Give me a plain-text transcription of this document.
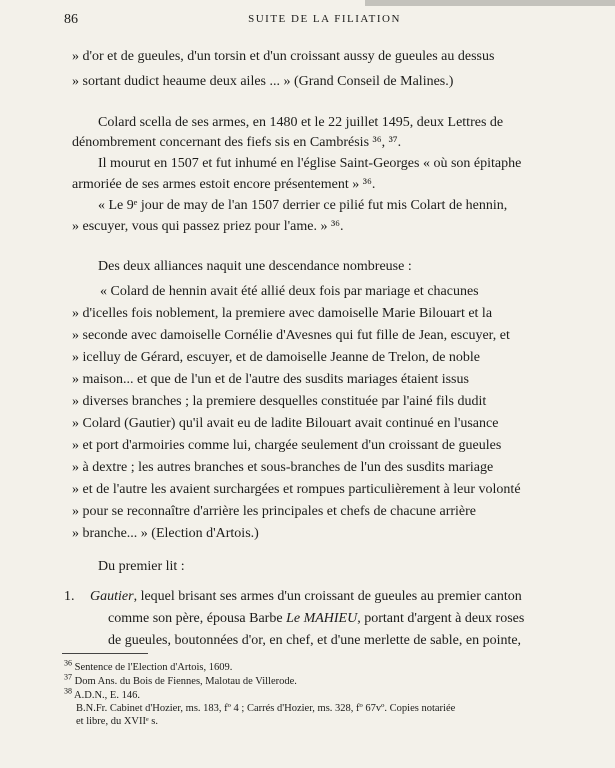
86	SUITE DE LA FILIATION
» d'or et de gueules, d'un torsin et d'un croissant aussy de gueules au dessus
» sortant dudict heaume deux ailes ... » (Grand Conseil de Malines.)
Colard scella de ses armes, en 1480 et le 22 juillet 1495, deux Lettres de
dénombrement concernant des fiefs sis en Cambrésis ³⁶, ³⁷.
Il mourut en 1507 et fut inhumé en l'église Saint-Georges « où son épitaphe
armoriée de ses armes estoit encore présentement » ³⁶.
« Le 9ᵉ jour de may de l'an 1507 derrier ce pilié fut mis Colart de hennin,
» escuyer, vous qui passez priez pour l'ame. » ³⁶.
Des deux alliances naquit une descendance nombreuse :
« Colard de hennin avait été allié deux fois par mariage et chacunes
» d'icelles fois noblement, la premiere avec damoiselle Marie Bilouart et la
» seconde avec damoiselle Cornélie d'Avesnes qui fut fille de Jean, escuyer, et
» icelluy de Gérard, escuyer, et de damoiselle Jeanne de Trelon, de noble
» maison... et que de l'un et de l'autre des susdits mariages étaient issus
» diverses branches ; la premiere desquelles constituée par l'ainé fils dudit
» Colard (Gautier) qu'il avait eu de ladite Bilouart avait continué en l'usance
» et port d'armoiries comme lui, chargée seulement d'un croissant de gueules
» à dextre ; les autres branches et sous-branches de l'un des susdits mariage
» et de l'autre les avaient surchargées et rompues particulièrement à leur volonté
» pour se reconnaître d'arrière les principales et chefs de chacune arrière
» branche... » (Election d'Artois.)
Du premier lit :
1. Gautier, lequel brisant ses armes d'un croissant de gueules au premier canton
comme son père, épousa Barbe Le MAHIEU, portant d'argent à deux roses
de gueules, boutonnées d'or, en chef, et d'une merlette de sable, en pointe,
$^{36}$ Sentence de l'Election d'Artois, 1609.
$^{37}$ Dom Ans. du Bois de Fiennes, Malotau de Villerode.
$^{38}$ A.D.N., E. 146.
B.N.Fr. Cabinet d'Hozier, ms. 183, fº 4 ; Carrés d'Hozier, ms. 328, fº 67vº. Copies notariée
et libre, du XVIIᵉ s.
